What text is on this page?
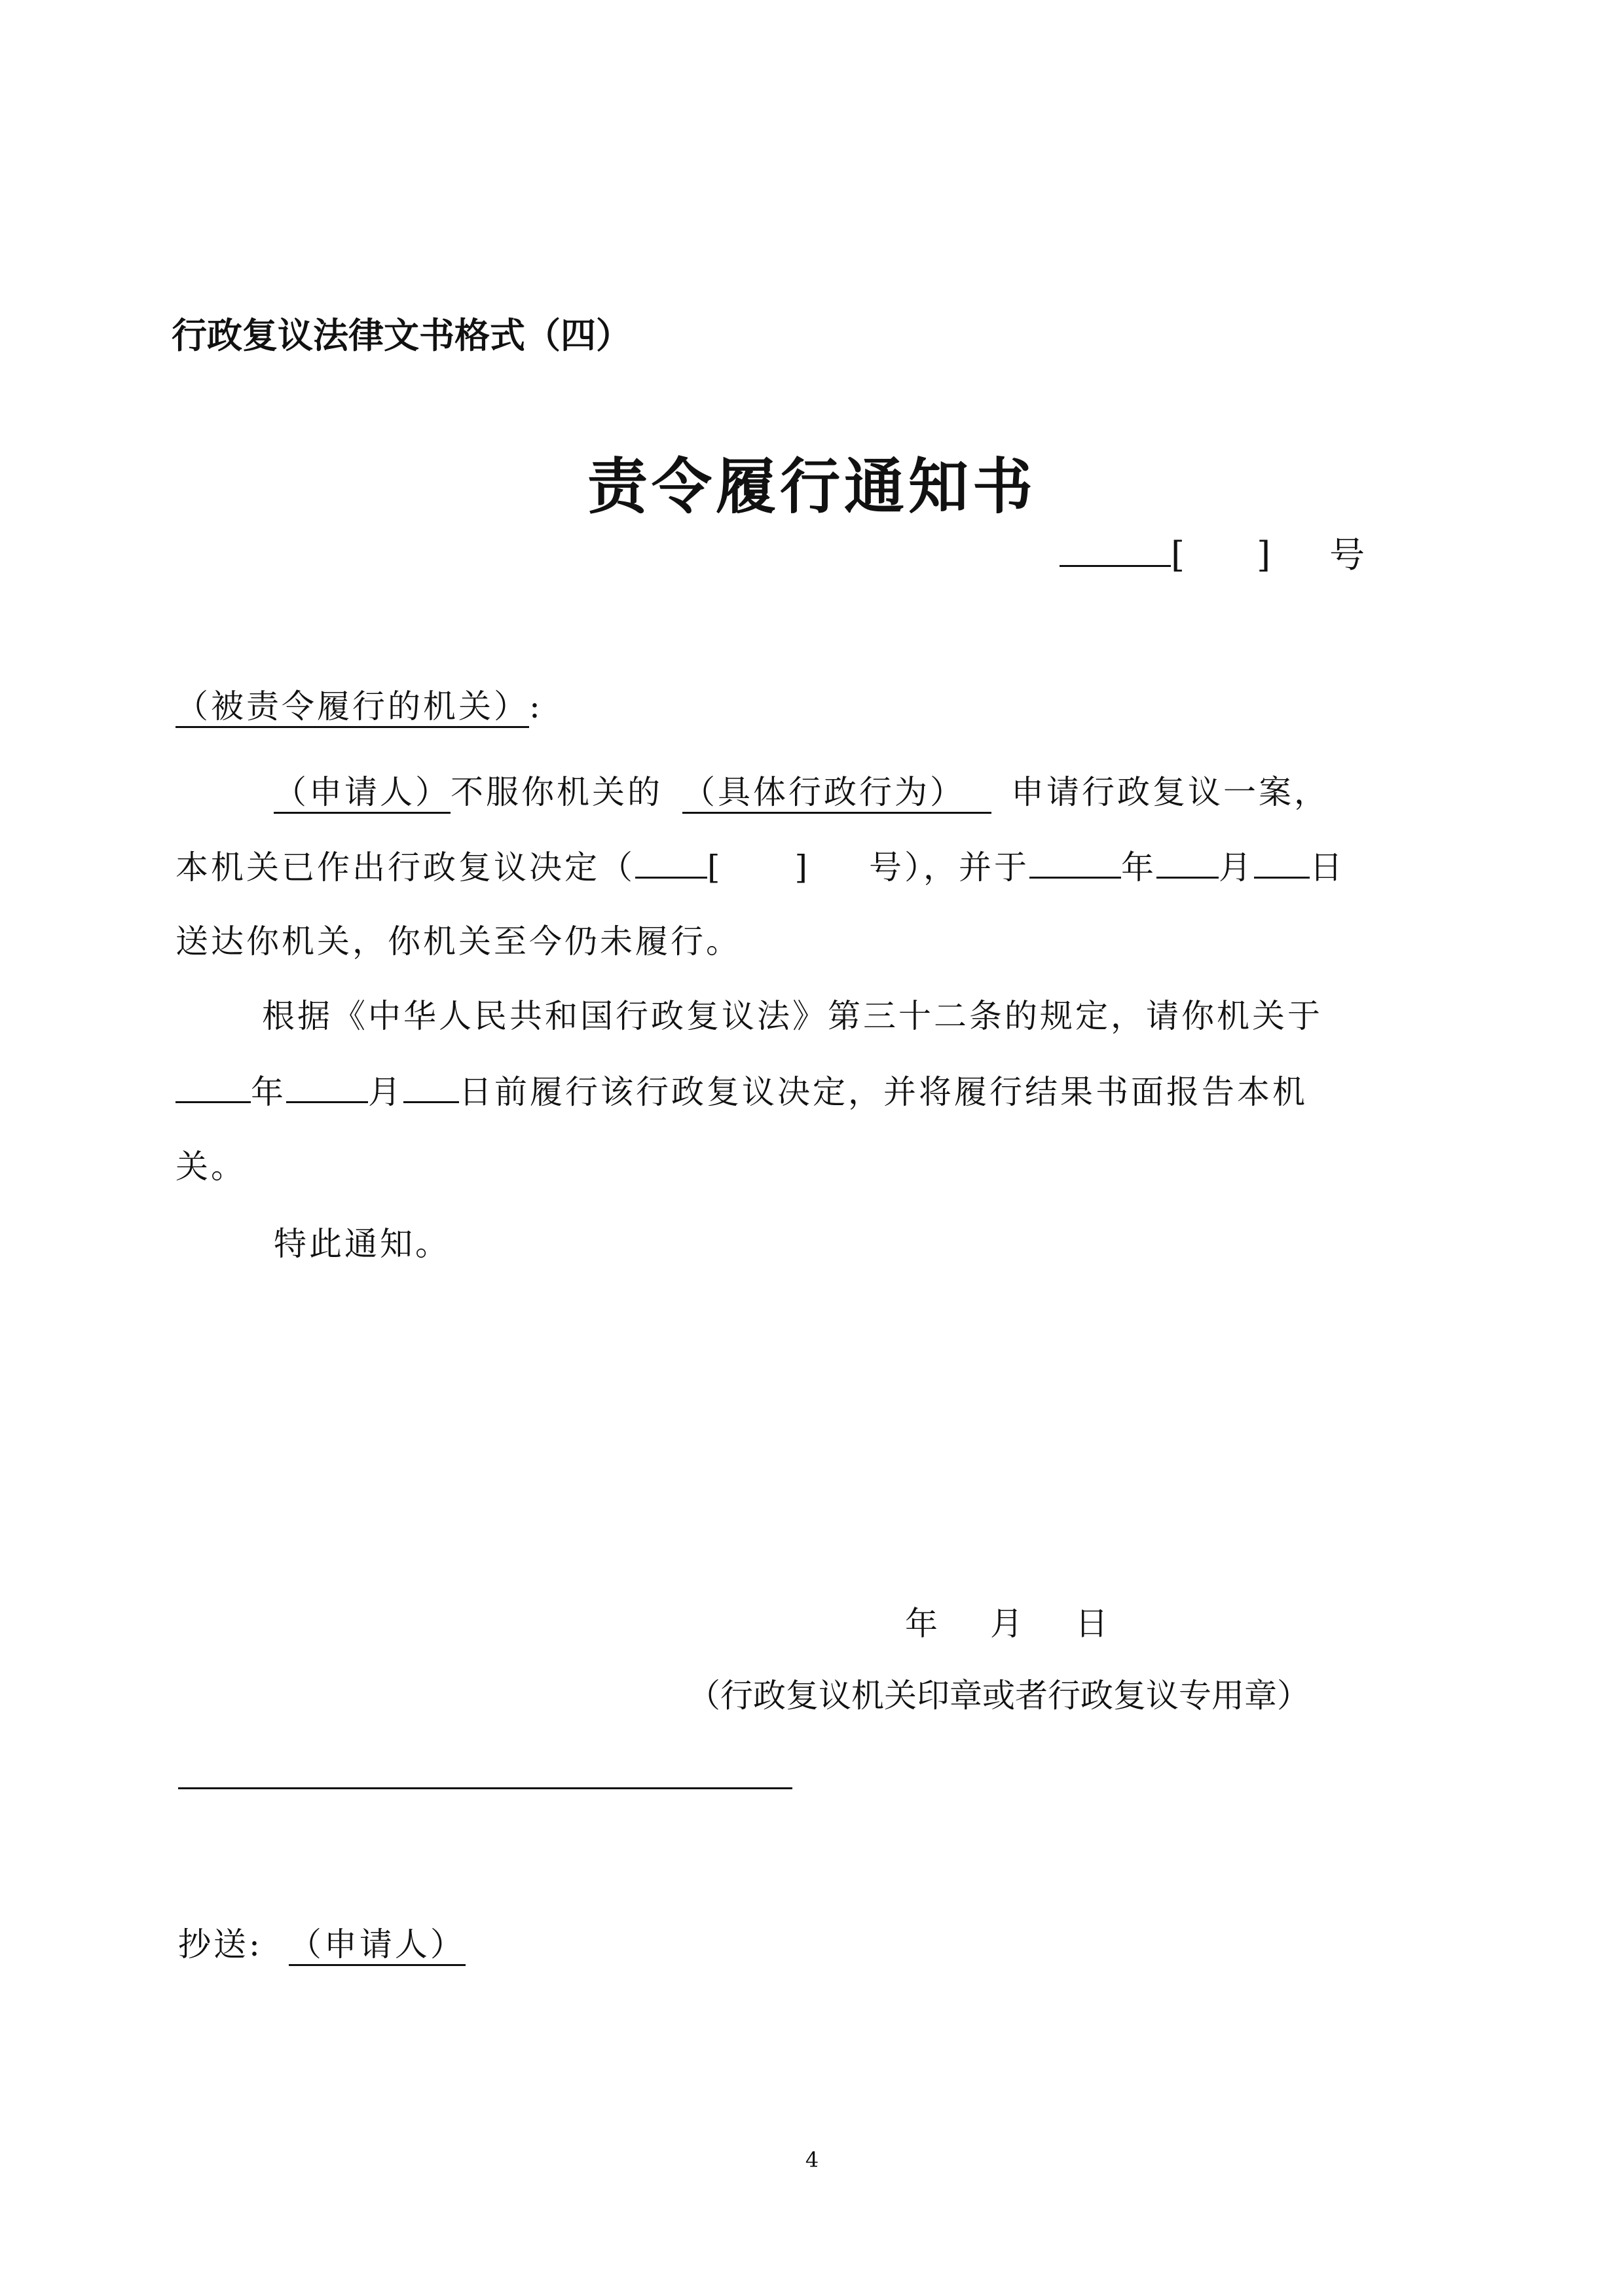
行政复议法律文书格式（四）
责令履行通知书
[ ] 号
（被责令履行的机关）:
（申请人）不服你机关的 （具体行政行为） 申请行政复议一案，
本机关已作出行政复议决定（ [ ] 号），并于	年 月 日
送达你机关，你机关至今仍未履行。
根据《中华人民共和国行政复议法》第三十二条的规定，请你机关于
年	月 日前履行该行政复议决定，并将履行结果书面报告本机
关。
特此通知。
年 月 日
（行政复议机关印章或者行政复议专用章）
抄送: （申请人）
4
